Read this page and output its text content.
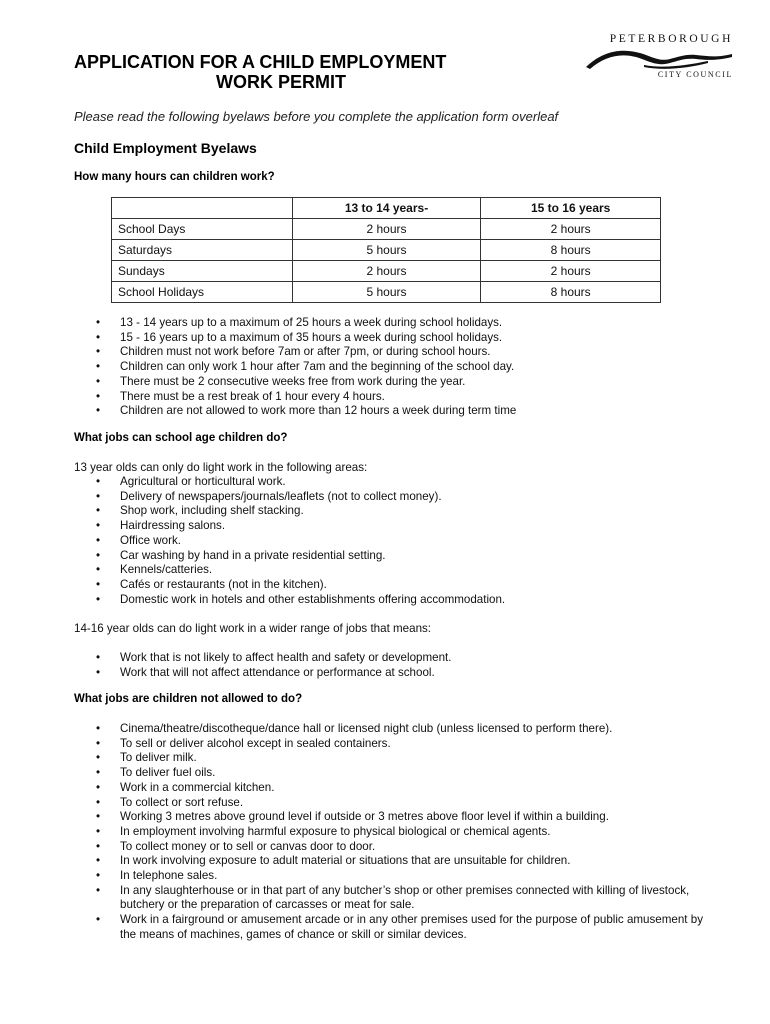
APPLICATION FOR A CHILD EMPLOYMENT
WORK PERMIT
PETERBOROUGH
CITY COUNCIL
Please read the following byelaws before you complete the application form overleaf
Child Employment Byelaws
How many hours can children work?
	13 to 14 years-	15 to 16 years
School Days	2 hours	2 hours
Saturdays	5 hours	8 hours
Sundays	2 hours	2 hours
School Holidays	5 hours	8 hours
• 13 - 14 years up to a maximum of 25 hours a week during school holidays.
• 15 - 16 years up to a maximum of 35 hours a week during school holidays.
• Children must not work before 7am or after 7pm, or during school hours.
• Children can only work 1 hour after 7am and the beginning of the school day.
• There must be 2 consecutive weeks free from work during the year.
• There must be a rest break of 1 hour every 4 hours.
• Children are not allowed to work more than 12 hours a week during term time
What jobs can school age children do?
13 year olds can only do light work in the following areas:
• Agricultural or horticultural work.
• Delivery of newspapers/journals/leaflets (not to collect money).
• Shop work, including shelf stacking.
• Hairdressing salons.
• Office work.
• Car washing by hand in a private residential setting.
• Kennels/catteries.
• Cafés or restaurants (not in the kitchen).
• Domestic work in hotels and other establishments offering accommodation.
14-16 year olds can do light work in a wider range of jobs that means:
• Work that is not likely to affect health and safety or development.
• Work that will not affect attendance or performance at school.
What jobs are children not allowed to do?
• Cinema/theatre/discotheque/dance hall or licensed night club (unless licensed to perform there).
• To sell or deliver alcohol except in sealed containers.
• To deliver milk.
• To deliver fuel oils.
• Work in a commercial kitchen.
• To collect or sort refuse.
• Working 3 metres above ground level if outside or 3 metres above floor level if within a building.
• In employment involving harmful exposure to physical biological or chemical agents.
• To collect money or to sell or canvas door to door.
• In work involving exposure to adult material or situations that are unsuitable for children.
• In telephone sales.
• In any slaughterhouse or in that part of any butcher’s shop or other premises connected with killing of livestock, butchery or the preparation of carcasses or meat for sale.
• Work in a fairground or amusement arcade or in any other premises used for the purpose of public amusement by the means of machines, games of chance or skill or similar devices.
